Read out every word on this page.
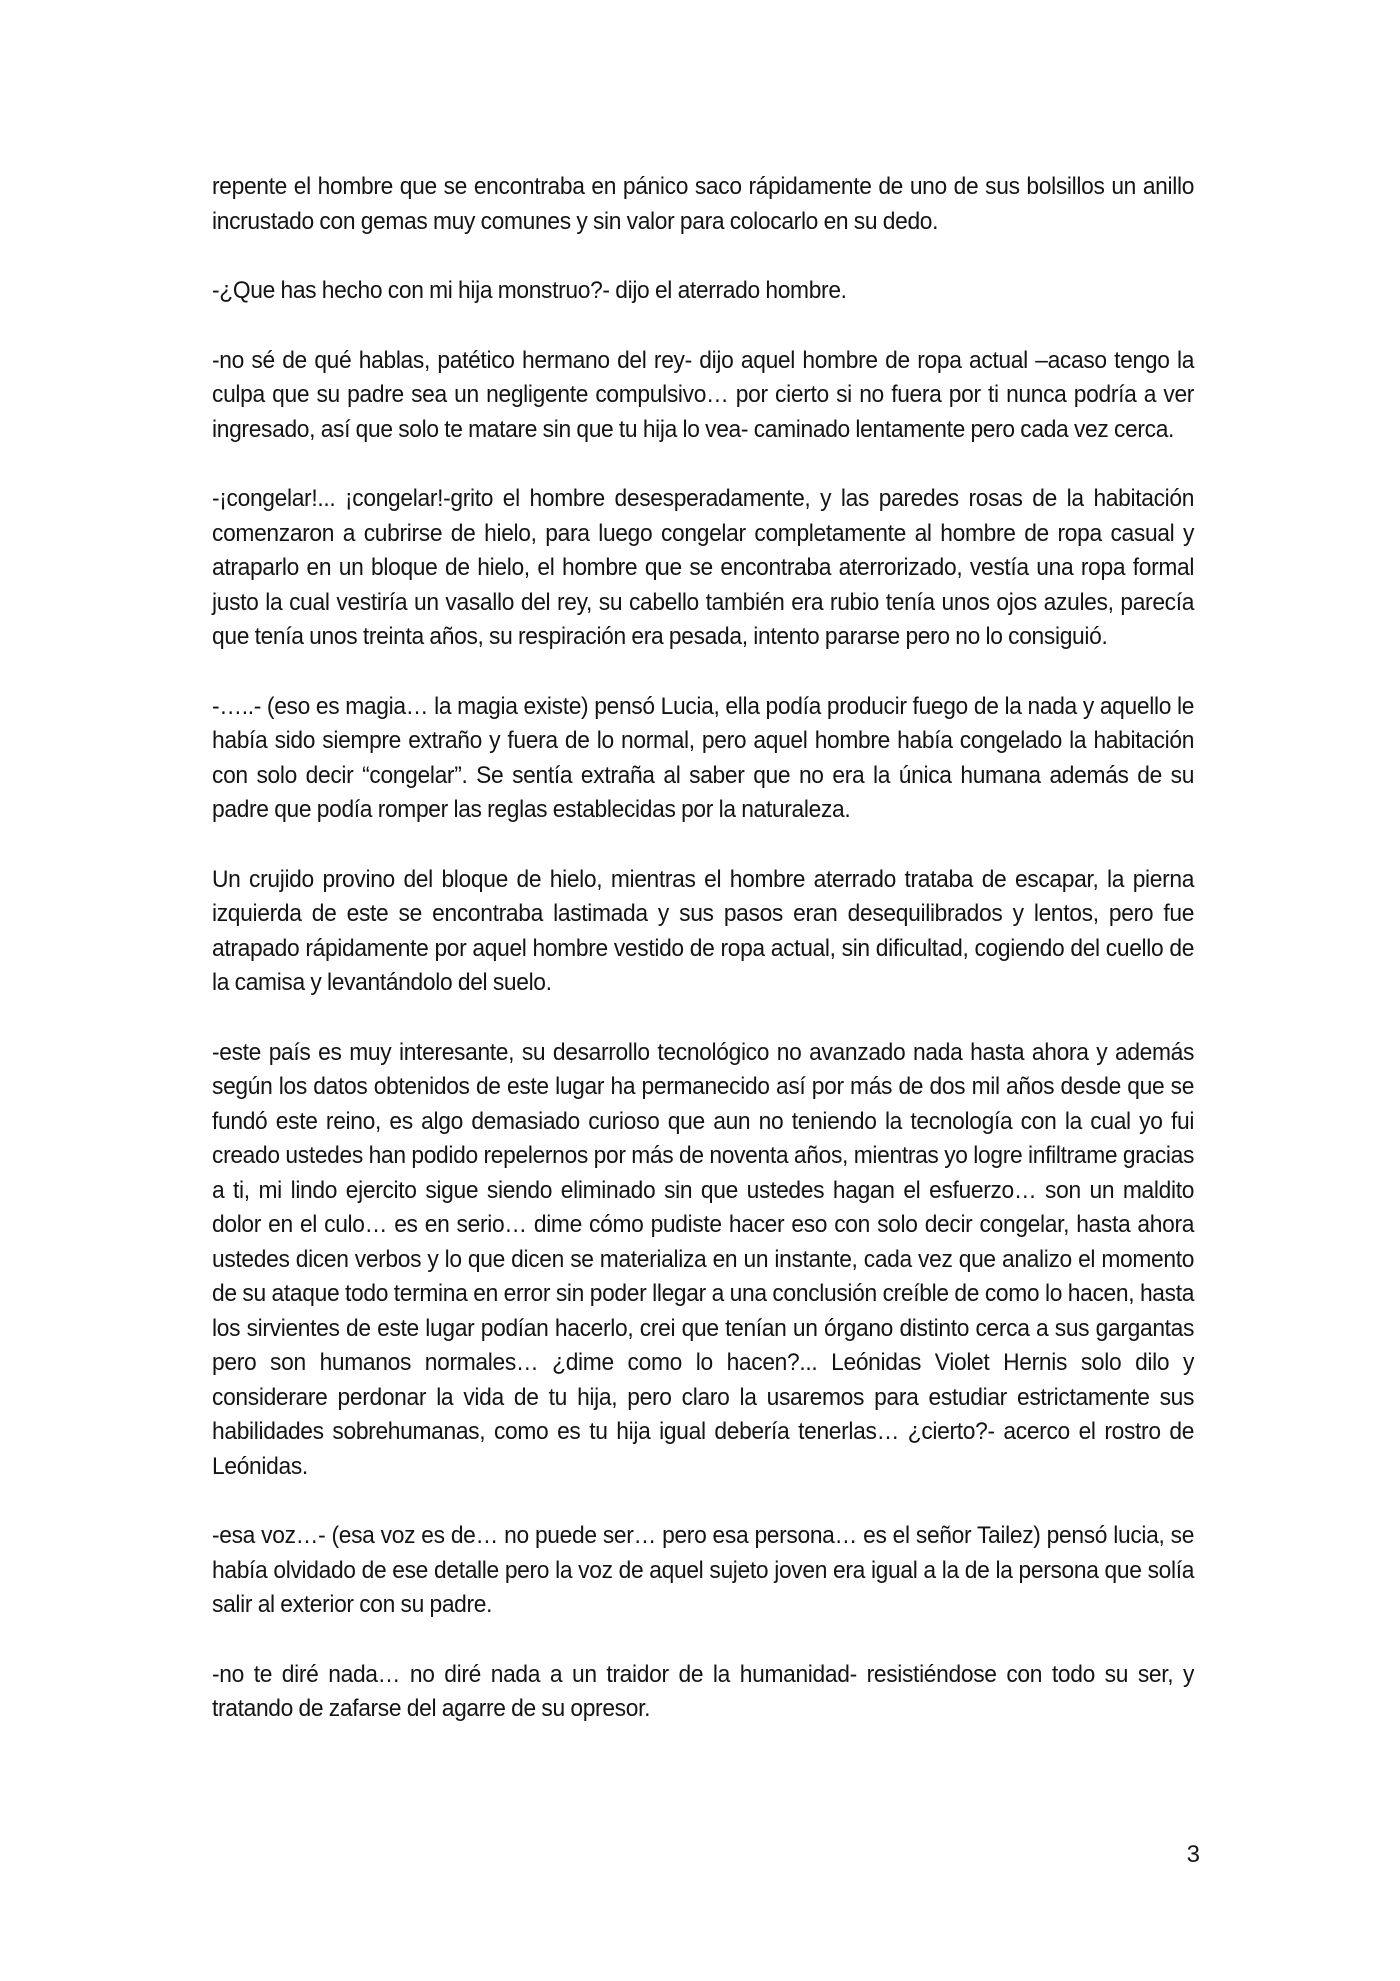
repente el hombre que se encontraba en pánico saco rápidamente de uno de sus bolsillos un anillo incrustado con gemas muy comunes y sin valor para colocarlo en su dedo.

-¿Que has hecho con mi hija monstruo?- dijo el aterrado hombre.

-no sé de qué hablas, patético hermano del rey- dijo aquel hombre de ropa actual –acaso tengo la culpa que su padre sea un negligente compulsivo… por cierto si no fuera por ti nunca podría a ver ingresado, así que solo te matare sin que tu hija lo vea- caminado lentamente pero cada vez cerca.

-¡congelar!... ¡congelar!-grito el hombre desesperadamente, y las paredes rosas de la habitación comenzaron a cubrirse de hielo, para luego congelar completamente al hombre de ropa casual y atraparlo en un bloque de hielo, el hombre que se encontraba aterrorizado, vestía una ropa formal justo la cual vestiría un vasallo del rey, su cabello también era rubio tenía unos ojos azules, parecía que tenía unos treinta años, su respiración era pesada, intento pararse pero no lo consiguió.

-…..- (eso es magia… la magia existe) pensó Lucia, ella podía producir fuego de la nada y aquello le había sido siempre extraño y fuera de lo normal, pero aquel hombre había congelado la habitación con solo decir “congelar”. Se sentía extraña al saber que no era la única humana además de su padre que podía romper las reglas establecidas por la naturaleza.

Un crujido provino del bloque de hielo, mientras el hombre aterrado trataba de escapar, la pierna izquierda de este se encontraba lastimada y sus pasos eran desequilibrados y lentos, pero fue atrapado rápidamente por aquel hombre vestido de ropa actual, sin dificultad, cogiendo del cuello de la camisa y levantándolo del suelo.

-este país es muy interesante, su desarrollo tecnológico no avanzado nada hasta ahora y además según los datos obtenidos de este lugar ha permanecido así por más de dos mil años desde que se fundó este reino, es algo demasiado curioso que aun no teniendo la tecnología con la cual yo fui creado ustedes han podido repelernos por más de noventa años, mientras yo logre infiltrame gracias a ti, mi lindo ejercito sigue siendo eliminado sin que ustedes hagan el esfuerzo… son un maldito dolor en el culo… es en serio… dime cómo pudiste hacer eso con solo decir congelar, hasta ahora ustedes dicen verbos y lo que dicen se materializa en un instante, cada vez que analizo el momento de su ataque todo termina en error sin poder llegar a una conclusión creíble de como lo hacen, hasta los sirvientes de este lugar podían hacerlo, crei que tenían un órgano distinto cerca a sus gargantas pero son humanos normales… ¿dime como lo hacen?... Leónidas Violet Hernis solo dilo y considerare perdonar la vida de tu hija, pero claro la usaremos para estudiar estrictamente sus habilidades sobrehumanas, como es tu hija igual debería tenerlas… ¿cierto?- acerco el rostro de Leónidas.

-esa voz…- (esa voz es de… no puede ser… pero esa persona… es el señor Tailez) pensó lucia, se había olvidado de ese detalle pero la voz de aquel sujeto joven era igual a la de la persona que solía salir al exterior con su padre.

-no te diré nada… no diré nada a un traidor de la humanidad- resistiéndose con todo su ser, y tratando de zafarse del agarre de su opresor.

3
